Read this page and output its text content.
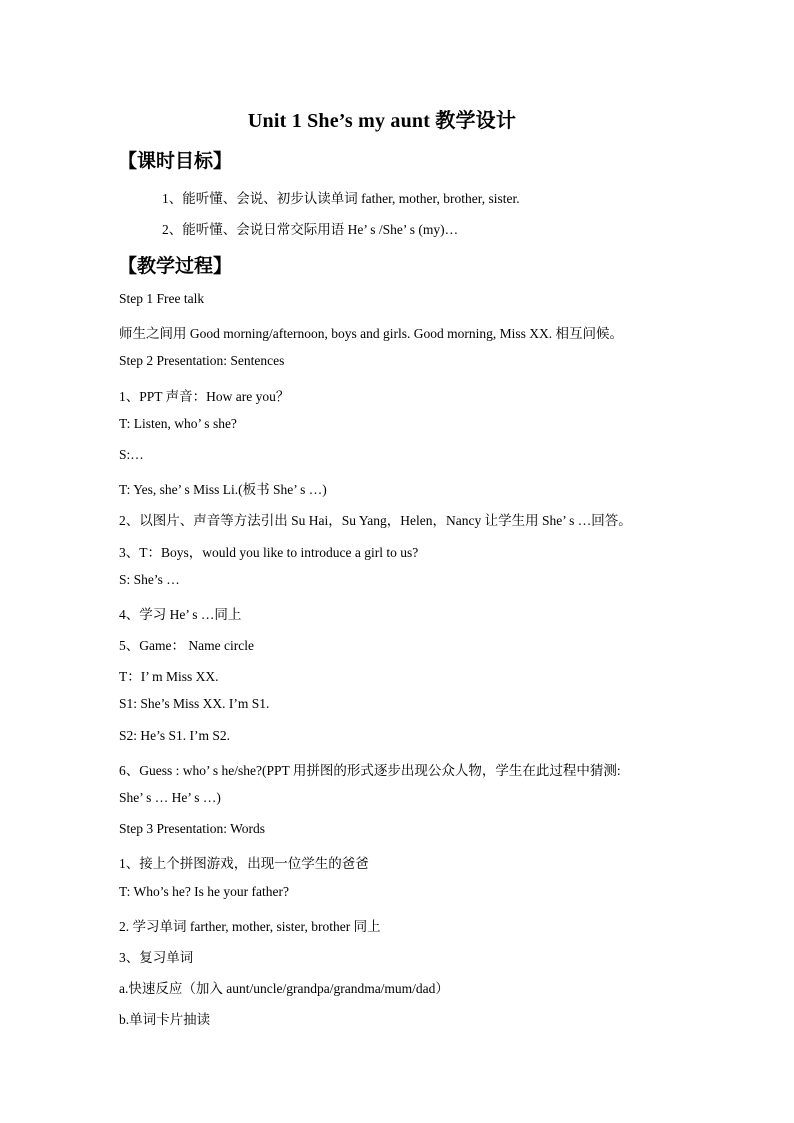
Unit 1 She’s my aunt 教学设计
【课时目标】
1、能听懂、会说、初步认读单词 father, mother, brother, sister.
2、能听懂、会说日常交际用语 He’ s /She’ s (my)…
【教学过程】
Step 1 Free talk
师生之间用 Good morning/afternoon, boys and girls. Good morning, Miss XX. 相互问候。
Step 2 Presentation: Sentences
1、PPT 声音：How are you？
T: Listen, who’ s she?
S:…
T: Yes, she’ s Miss Li.(板书 She’ s …)
2、以图片、声音等方法引出 Su Hai，Su Yang，Helen，Nancy 让学生用 She’ s …回答。
3、T：Boys，would you like to introduce a girl to us?
S: She’s …
4、学习 He’ s …同上
5、Game： Name circle
T：I’ m Miss XX.
S1: She’s Miss XX. I’m S1.
S2: He’s S1. I’m S2.
6、Guess : who’ s he/she?(PPT 用拼图的形式逐步出现公众人物，学生在此过程中猜测:
She’ s … He’ s …)
Step 3 Presentation: Words
1、接上个拼图游戏，出现一位学生的爸爸
T: Who’s he? Is he your father?
2. 学习单词 farther, mother, sister, brother 同上
3、复习单词
a.快速反应（加入 aunt/uncle/grandpa/grandma/mum/dad）
b.单词卡片抽读
